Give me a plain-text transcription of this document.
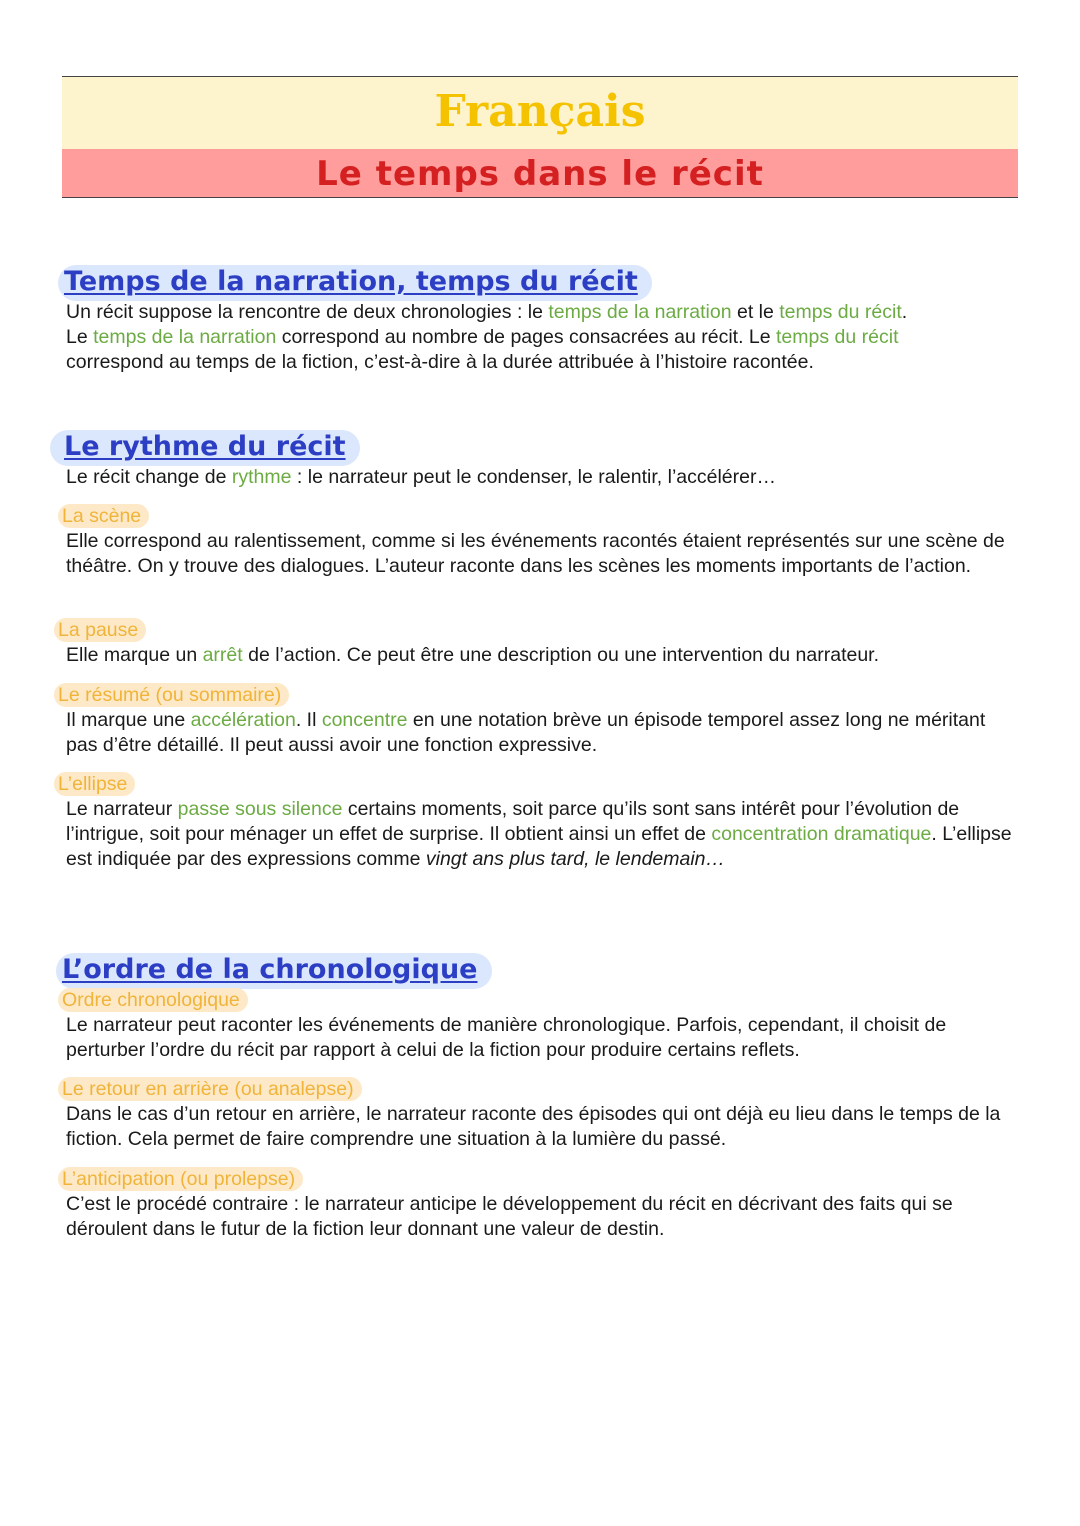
Français
Le temps dans le récit
Temps de la narration, temps du récit
Un récit suppose la rencontre de deux chronologies : le temps de la narration et le temps du récit.
Le temps de la narration correspond au nombre de pages consacrées au récit. Le temps du récit
correspond au temps de la fiction, c’est-à-dire à la durée attribuée à l’histoire racontée.
Le rythme du récit
Le récit change de rythme : le narrateur peut le condenser, le ralentir, l’accélérer…
La scène
Elle correspond au ralentissement, comme si les événements racontés étaient représentés sur une scène de théâtre. On y trouve des dialogues. L’auteur raconte dans les scènes les moments importants de l’action.
La pause
Elle marque un arrêt de l’action. Ce peut être une description ou une intervention du narrateur.
Le résumé (ou sommaire)
Il marque une accélération. Il concentre en une notation brève un épisode temporel assez long ne méritant pas d’être détaillé. Il peut aussi avoir une fonction expressive.
L’ellipse
Le narrateur passe sous silence certains moments, soit parce qu’ils sont sans intérêt pour l’évolution de l’intrigue, soit pour ménager un effet de surprise. Il obtient ainsi un effet de concentration dramatique. L’ellipse est indiquée par des expressions comme vingt ans plus tard, le lendemain…
L’ordre de la chronologique
Ordre chronologique
Le narrateur peut raconter les événements de manière chronologique. Parfois, cependant, il choisit de perturber l’ordre du récit par rapport à celui de la fiction pour produire certains reflets.
Le retour en arrière (ou analepse)
Dans le cas d’un retour en arrière, le narrateur raconte des épisodes qui ont déjà eu lieu dans le temps de la fiction. Cela permet de faire comprendre une situation à la lumière du passé.
L’anticipation (ou prolepse)
C’est le procédé contraire : le narrateur anticipe le développement du récit en décrivant des faits qui se déroulent dans le futur de la fiction leur donnant une valeur de destin.
